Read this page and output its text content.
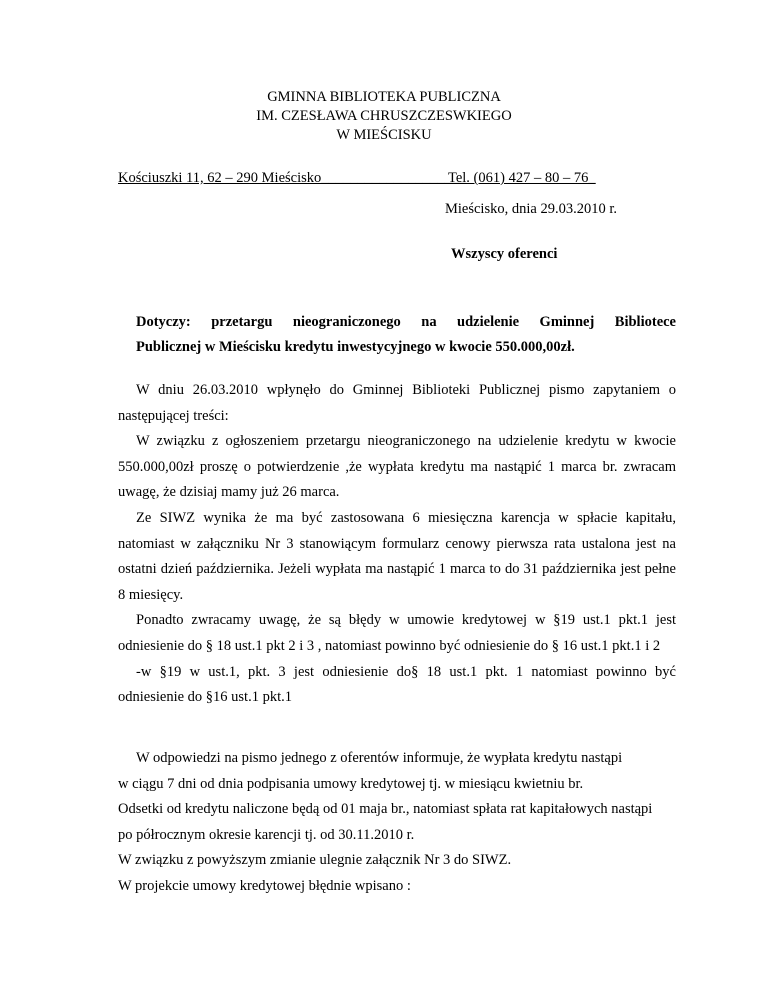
GMINNA BIBLIOTEKA PUBLICZNA
IM. CZESŁAWA CHRUSZCZESWKIEGO
W MIEŚCISKU
Kościuszki 11, 62 – 290 Mieścisko____________________
Tel. (061) 427 – 80 – 76_
Mieścisko, dnia 29.03.2010 r.
Wszyscy oferenci
Dotyczy: przetargu nieograniczonego na udzielenie Gminnej Bibliotece
Publicznej w Mieścisku kredytu inwestycyjnego w kwocie 550.000,00zł.

W dniu 26.03.2010 wpłynęło do Gminnej Biblioteki Publicznej pismo zapytaniem o następującej treści:

W związku z ogłoszeniem przetargu nieograniczonego na udzielenie kredytu w kwocie 550.000,00zł proszę o potwierdzenie ,że wypłata kredytu ma nastąpić 1 marca br. zwracam uwagę, że dzisiaj mamy już 26 marca.

Ze SIWZ wynika że ma być zastosowana 6 miesięczna karencja w spłacie kapitału, natomiast w załączniku Nr 3 stanowiącym formularz cenowy pierwsza rata ustalona jest na ostatni dzień października. Jeżeli wypłata ma nastąpić 1 marca to do 31 października jest pełne 8 miesięcy.

Ponadto zwracamy uwagę, że są błędy w umowie kredytowej w §19 ust.1 pkt.1 jest odniesienie do § 18 ust.1 pkt 2 i 3 , natomiast powinno być odniesienie do § 16 ust.1 pkt.1 i 2

-w §19 w ust.1, pkt. 3 jest odniesienie do§ 18 ust.1 pkt. 1 natomiast powinno być odniesienie do §16 ust.1 pkt.1

W odpowiedzi na pismo jednego z oferentów informuje, że wypłata kredytu nastąpi

w ciągu 7 dni od dnia podpisania umowy kredytowej tj. w miesiącu kwietniu br.

Odsetki od kredytu naliczone będą od 01 maja br., natomiast spłata rat kapitałowych nastąpi

po półrocznym okresie karencji tj. od 30.11.2010 r.

W związku z powyższym zmianie ulegnie załącznik Nr 3 do SIWZ.

W projekcie umowy kredytowej błędnie wpisano :
